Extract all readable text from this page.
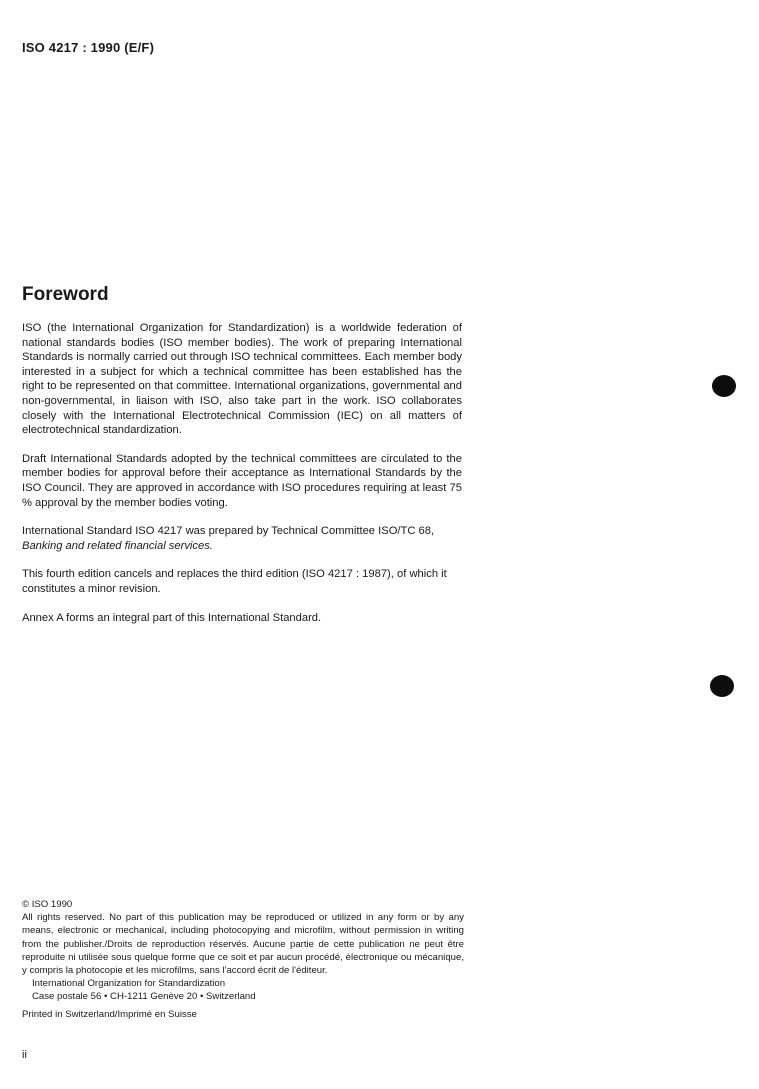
ISO 4217 : 1990 (E/F)
Foreword

ISO (the International Organization for Standardization) is a worldwide federation of national standards bodies (ISO member bodies). The work of preparing International Standards is normally carried out through ISO technical committees. Each member body interested in a subject for which a technical committee has been established has the right to be represented on that committee. International organizations, governmental and non-governmental, in liaison with ISO, also take part in the work. ISO collaborates closely with the International Electrotechnical Commission (IEC) on all matters of electrotechnical standardization.

Draft International Standards adopted by the technical committees are circulated to the member bodies for approval before their acceptance as International Standards by the ISO Council. They are approved in accordance with ISO procedures requiring at least 75 % approval by the member bodies voting.

International Standard ISO 4217 was prepared by Technical Committee ISO/TC 68,
Banking and related financial services.

This fourth edition cancels and replaces the third edition (ISO 4217 : 1987), of which it constitutes a minor revision.

Annex A forms an integral part of this International Standard.

© ISO 1990

All rights reserved. No part of this publication may be reproduced or utilized in any form or by any means, electronic or mechanical, including photocopying and microfilm, without permission in writing from the publisher./Droits de reproduction réservés. Aucune partie de cette publication ne peut être reproduite ni utilisée sous quelque forme que ce soit et par aucun procédé, électronique ou mécanique, y compris la photocopie et les microfilms, sans l'accord écrit de l'éditeur.

International Organization for Standardization

Case postale 56 • CH-1211 Genève 20 • Switzerland

Printed in Switzerland/Imprimé en Suisse

ii
